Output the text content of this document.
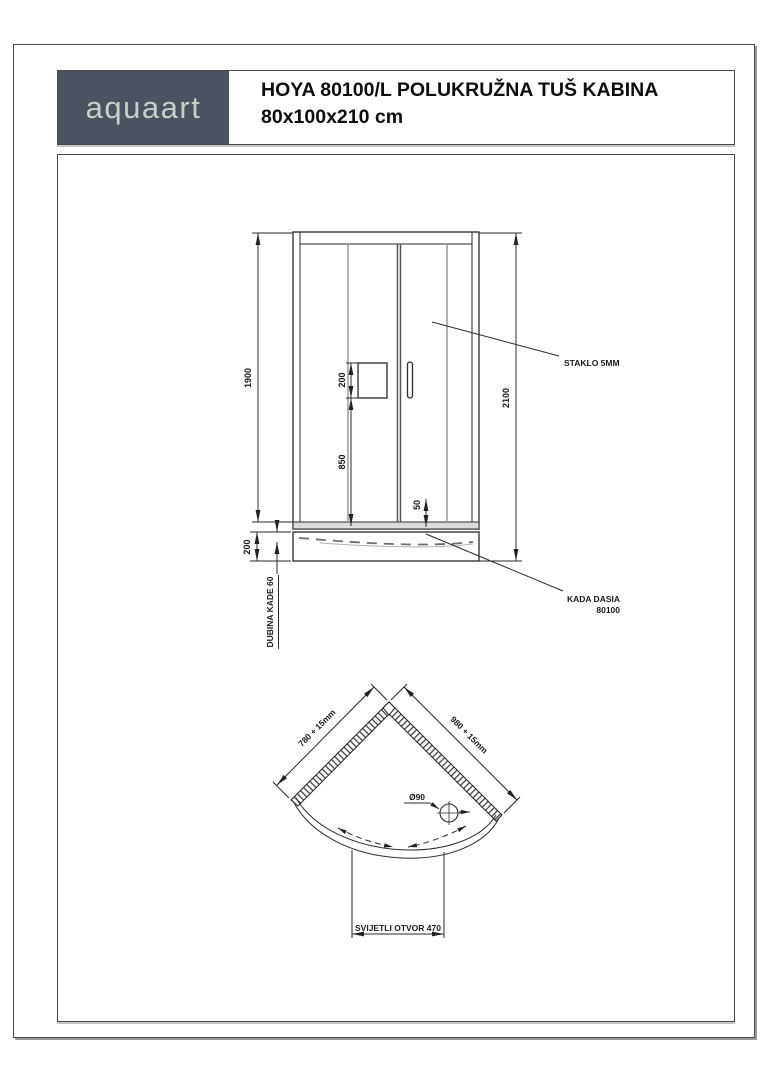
aquaart	HOYA 80100/L POLUKRUŽNA TUŠ KABINA
80x100x210 cm
200
850
50
1900
2100
200
DUBINA KADE 60
STAKLO 5MM
KADA DASIA
80100
780 + 15mm	980 + 15mm
Ø90
SVIJETLI OTVOR 470
